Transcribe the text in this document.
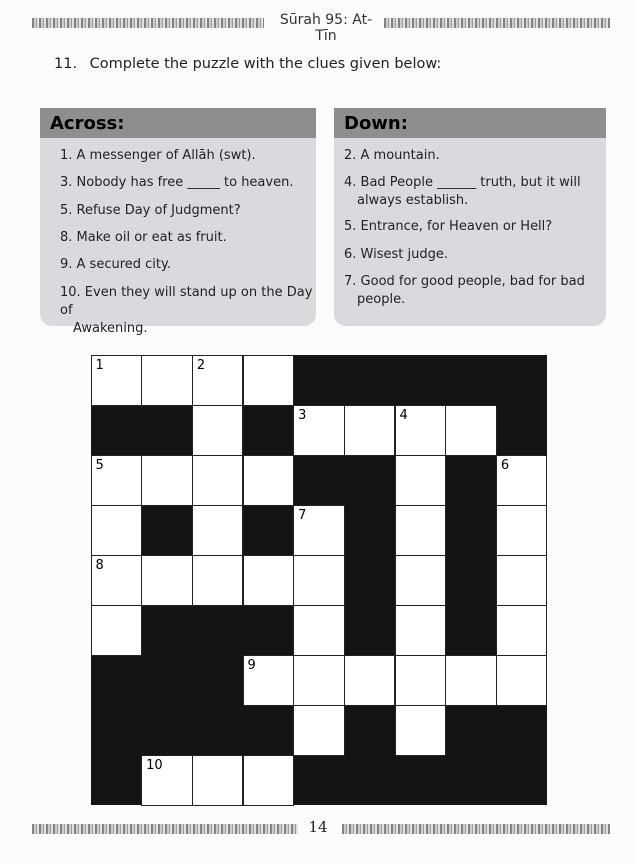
Sūrah 95: At-Tīn
11. Complete the puzzle with the clues given below:
Across:
1. A messenger of Allāh (swt).
3. Nobody has free _____ to heaven.
5. Refuse Day of Judgment?
8. Make oil or eat as fruit.
9. A secured city.
10. Even they will stand up on the Day of
Awakening.
Down:
2. A mountain.
4. Bad People ______ truth, but it will
always establish.
5. Entrance, for Heaven or Hell?
6. Wisest judge.
7. Good for good people, bad for bad
people.
1	2
3	4
5	6
7
8
9
10
14
